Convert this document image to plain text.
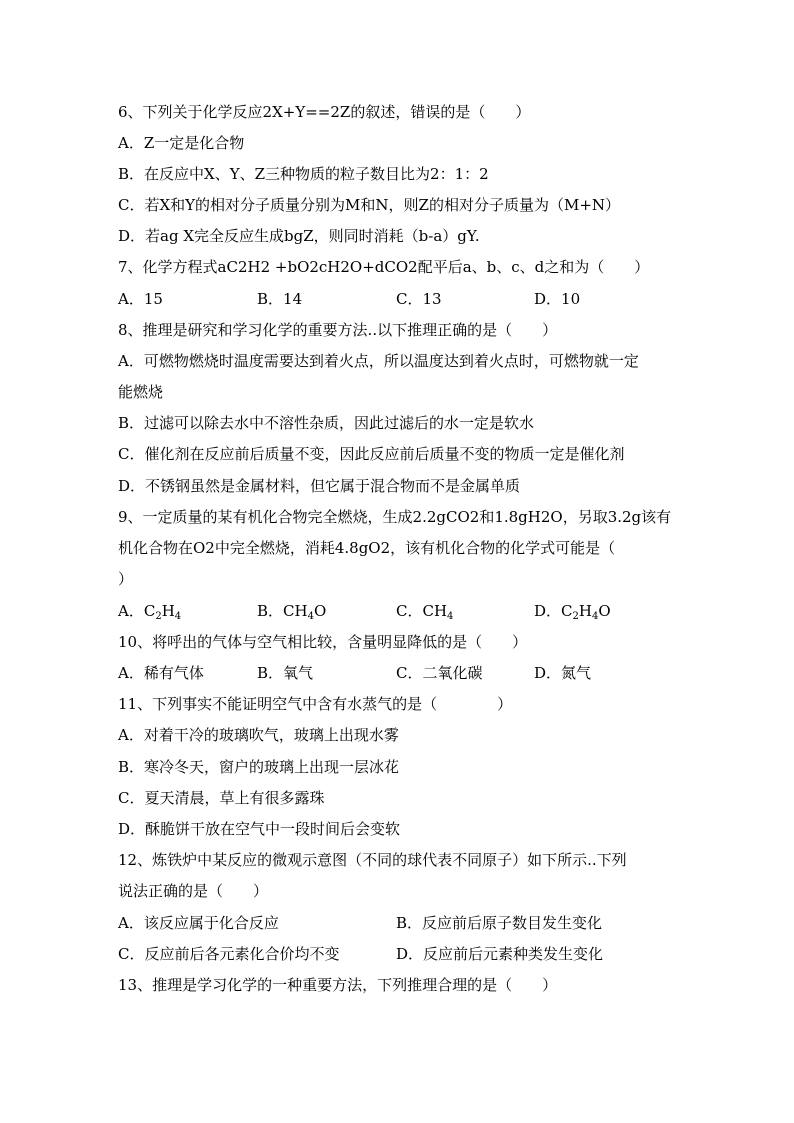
6、下列关于化学反应2X+Y==2Z的叙述，错误的是（　　）
A．Z一定是化合物
B．在反应中X、Y、Z三种物质的粒子数目比为2：1：2
C．若X和Y的相对分子质量分别为M和N，则Z的相对分子质量为（M+N）
D．若ag X完全反应生成bgZ，则同时消耗（b-a）gY.
7、化学方程式aC2H2 +bO2cH2O+dCO2配平后a、b、c、d之和为（　　）
A．15	B．14	C．13	D．10
8、推理是研究和学习化学的重要方法..以下推理正确的是（　　）
A．可燃物燃烧时温度需要达到着火点，所以温度达到着火点时，可燃物就一定
能燃烧
B．过滤可以除去水中不溶性杂质，因此过滤后的水一定是软水
C．催化剂在反应前后质量不变，因此反应前后质量不变的物质一定是催化剂
D．不锈钢虽然是金属材料，但它属于混合物而不是金属单质
9、一定质量的某有机化合物完全燃烧，生成2.2gCO2和1.8gH2O，另取3.2g该有
机化合物在O2中完全燃烧，消耗4.8gO2，该有机化合物的化学式可能是（
）
A．$C_2H_4$	B．$CH_4O$	C．$CH_4$	D．$C_2H_4O$
10、将呼出的气体与空气相比较，含量明显降低的是（　　）
A．稀有气体	B．氧气	C．二氧化碳	D．氮气
11、下列事实不能证明空气中含有水蒸气的是（　　　　）
A．对着干冷的玻璃吹气，玻璃上出现水雾
B．寒冷冬天，窗户的玻璃上出现一层冰花
C．夏天清晨，草上有很多露珠
D．酥脆饼干放在空气中一段时间后会变软
12、炼铁炉中某反应的微观示意图（不同的球代表不同原子）如下所示..下列
说法正确的是（　　）
A．该反应属于化合反应	B．反应前后原子数目发生变化
C．反应前后各元素化合价均不变	D．反应前后元素种类发生变化
13、推理是学习化学的一种重要方法，下列推理合理的是（　　）
